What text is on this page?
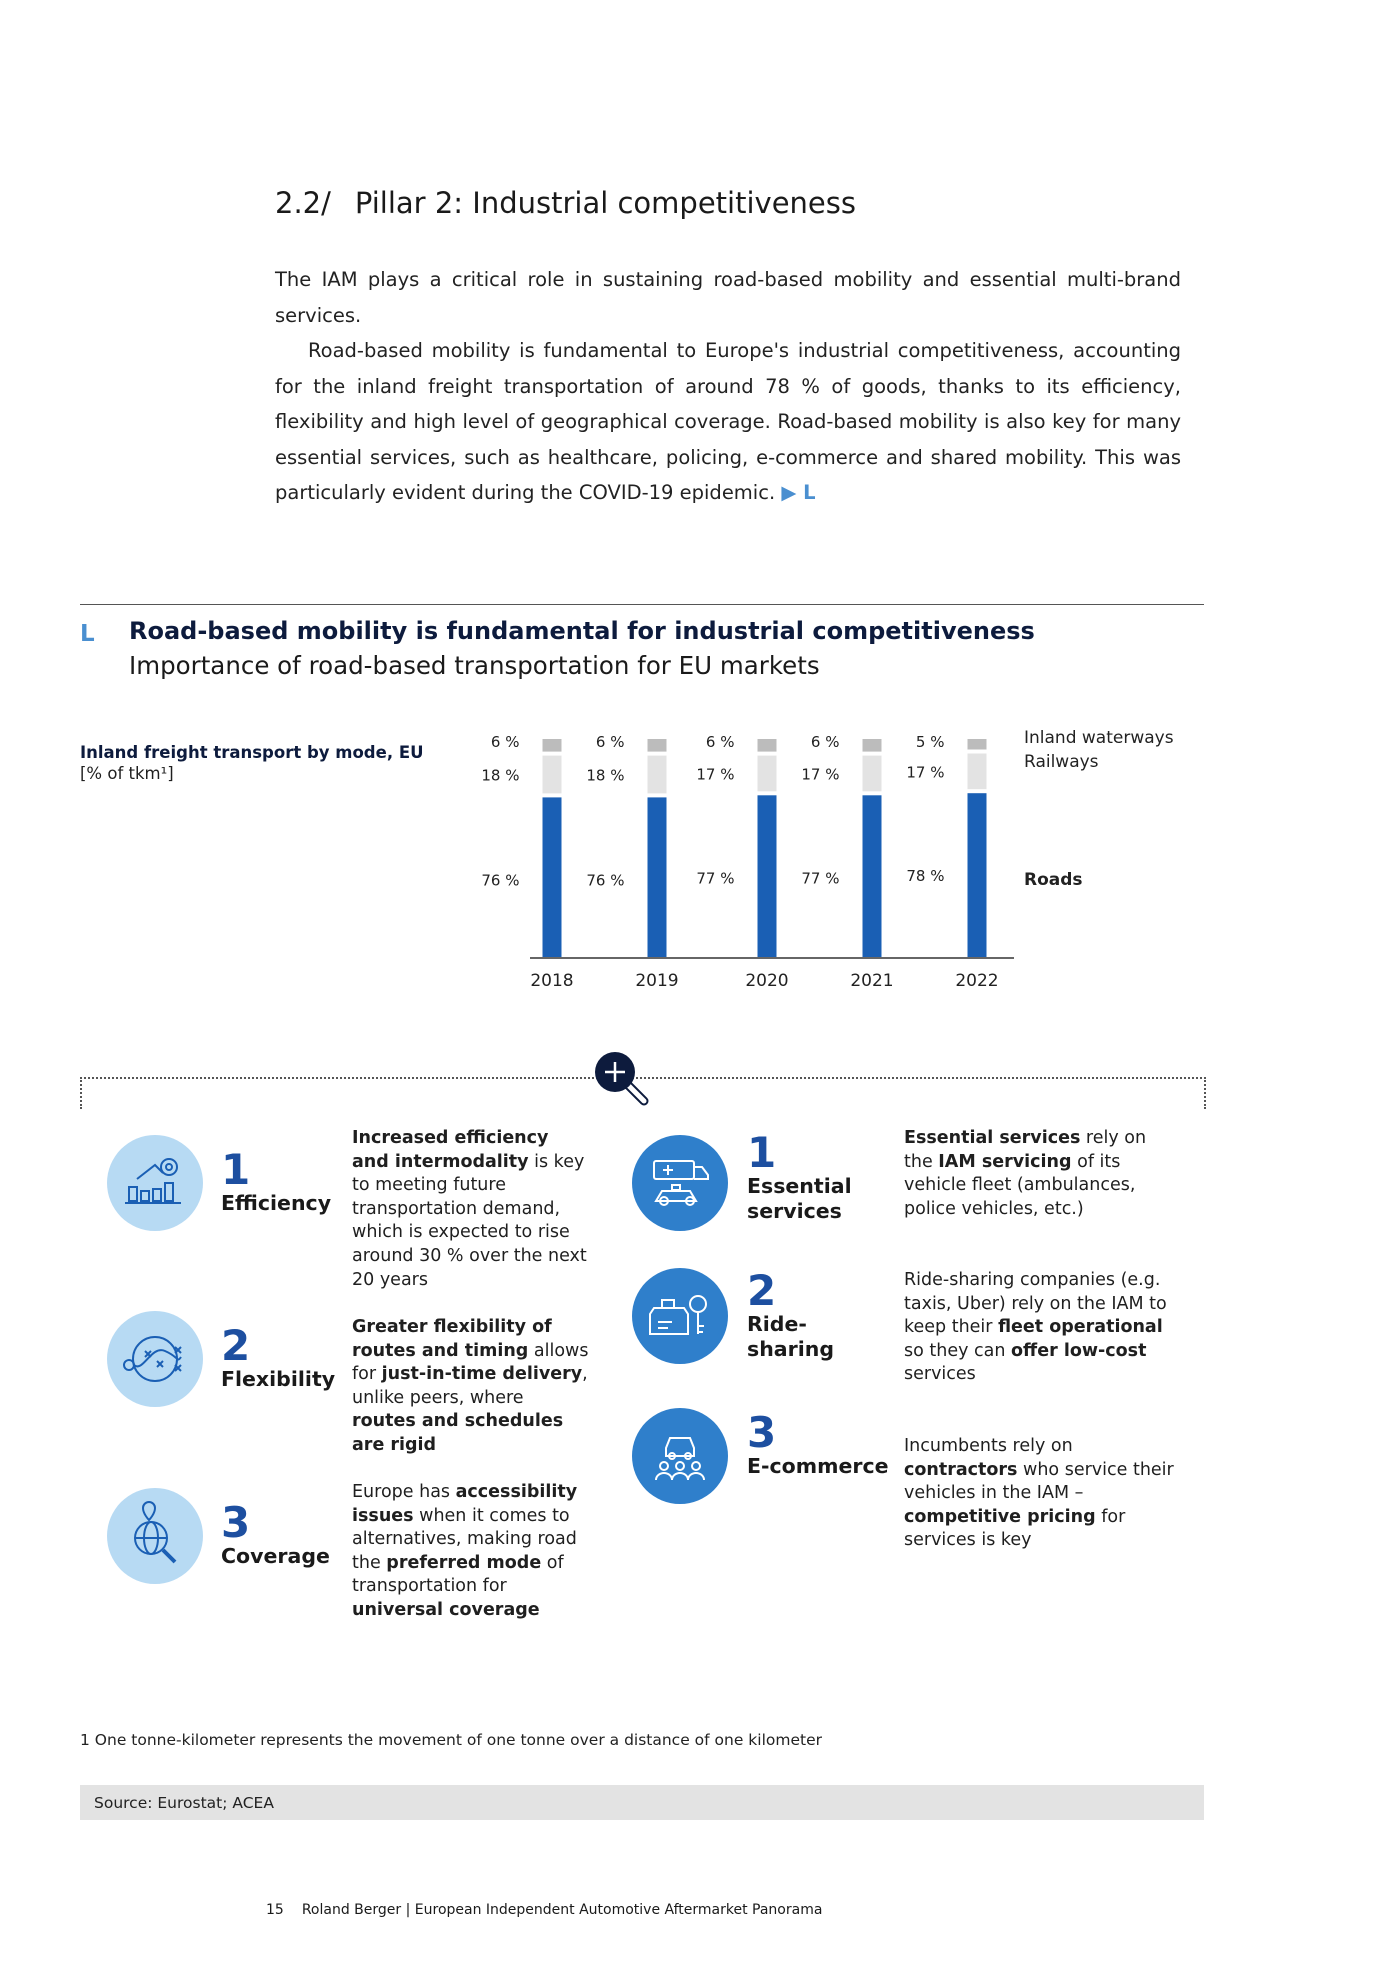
2.2/ Pillar 2: Industrial competitiveness

The IAM plays a critical role in sustaining road-based mobility and essential multi-brand services.

Road-based mobility is fundamental to Europe's industrial competitiveness, accounting for the inland freight transportation of around 78 % of goods, thanks to its efficiency, flexibility and high level of geographical coverage. Road-based mobility is also key for many essential services, such as healthcare, policing, e-commerce and shared mobility. This was particularly evident during the COVID-19 epidemic. ▶ L

L Road-based mobility is fundamental for industrial competitiveness
Importance of road-based transportation for EU markets
Inland freight transport by mode, EU
[% of tkm¹]
76 %
18 %
6 %
2018
76 %
18 %
6 %
2019
77 %
17 %
6 %
2020
77 %
17 %
6 %
2021
78 %
17 %
5 %
2022
Roads
Railways
Inland waterways
1
Efficiency
Increased efficiency and intermodality is key to meeting future transportation demand, which is expected to rise around 30 % over the next 20 years
2
Flexibility
Greater flexibility of routes and timing allows for just-in-time delivery, unlike peers, where routes and schedules are rigid
3
Coverage
Europe has accessibility issues when it comes to alternatives, making road the preferred mode of transportation for universal coverage
1
Essential
services
Essential services rely on the IAM servicing of its vehicle fleet (ambulances, police vehicles, etc.)
2
Ride-
sharing
Ride-sharing companies (e.g. taxis, Uber) rely on the IAM to keep their fleet operational so they can offer low-cost services
3
E-commerce
Incumbents rely on contractors who service their vehicles in the IAM – competitive pricing for services is key
1 One tonne-kilometer represents the movement of one tonne over a distance of one kilometer
Source: Eurostat; ACEA
15 Roland Berger | European Independent Automotive Aftermarket Panorama
